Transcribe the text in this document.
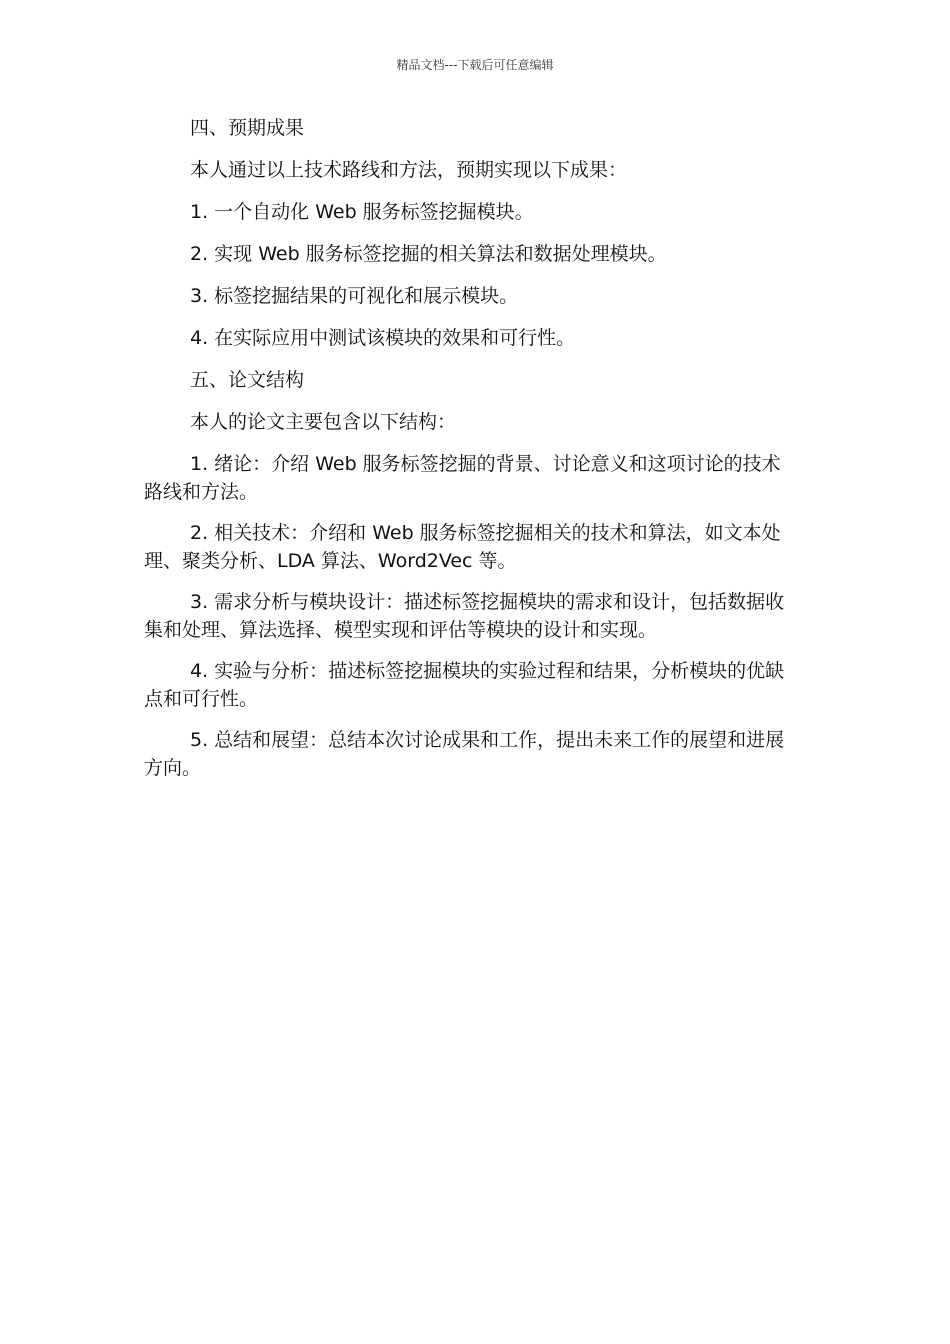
精品文档---下载后可任意编辑

四、预期成果

本人通过以上技术路线和方法，预期实现以下成果：

1. 一个自动化 Web 服务标签挖掘模块。

2. 实现 Web 服务标签挖掘的相关算法和数据处理模块。

3. 标签挖掘结果的可视化和展示模块。

4. 在实际应用中测试该模块的效果和可行性。

五、论文结构

本人的论文主要包含以下结构：

1. 绪论：介绍 Web 服务标签挖掘的背景、讨论意义和这项讨论的技术路线和方法。

2. 相关技术：介绍和 Web 服务标签挖掘相关的技术和算法，如文本处理、聚类分析、LDA 算法、Word2Vec 等。

3. 需求分析与模块设计：描述标签挖掘模块的需求和设计，包括数据收集和处理、算法选择、模型实现和评估等模块的设计和实现。

4. 实验与分析：描述标签挖掘模块的实验过程和结果，分析模块的优缺点和可行性。

5. 总结和展望：总结本次讨论成果和工作，提出未来工作的展望和进展方向。
